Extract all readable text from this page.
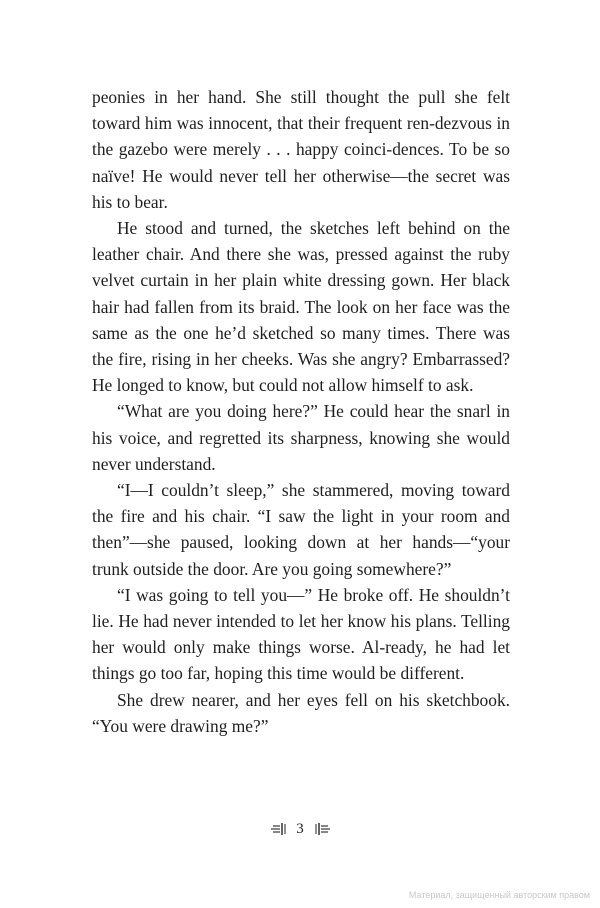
peonies in her hand. She still thought the pull she felt toward him was innocent, that their frequent ren-dezvous in the gazebo were merely . . . happy coinci-dences. To be so naïve! He would never tell her otherwise—the secret was his to bear.

He stood and turned, the sketches left behind on the leather chair. And there she was, pressed against the ruby velvet curtain in her plain white dressing gown. Her black hair had fallen from its braid. The look on her face was the same as the one he’d sketched so many times. There was the fire, rising in her cheeks. Was she angry? Embarrassed? He longed to know, but could not allow himself to ask.

“What are you doing here?” He could hear the snarl in his voice, and regretted its sharpness, knowing she would never understand.

“I—I couldn’t sleep,” she stammered, moving toward the fire and his chair. “I saw the light in your room and then”—she paused, looking down at her hands—“your trunk outside the door. Are you going somewhere?”

“I was going to tell you—” He broke off. He shouldn’t lie. He had never intended to let her know his plans. Telling her would only make things worse. Al-ready, he had let things go too far, hoping this time would be different.

She drew nearer, and her eyes fell on his sketchbook. “You were drawing me?”

3
Материал, защищенный авторским правом
